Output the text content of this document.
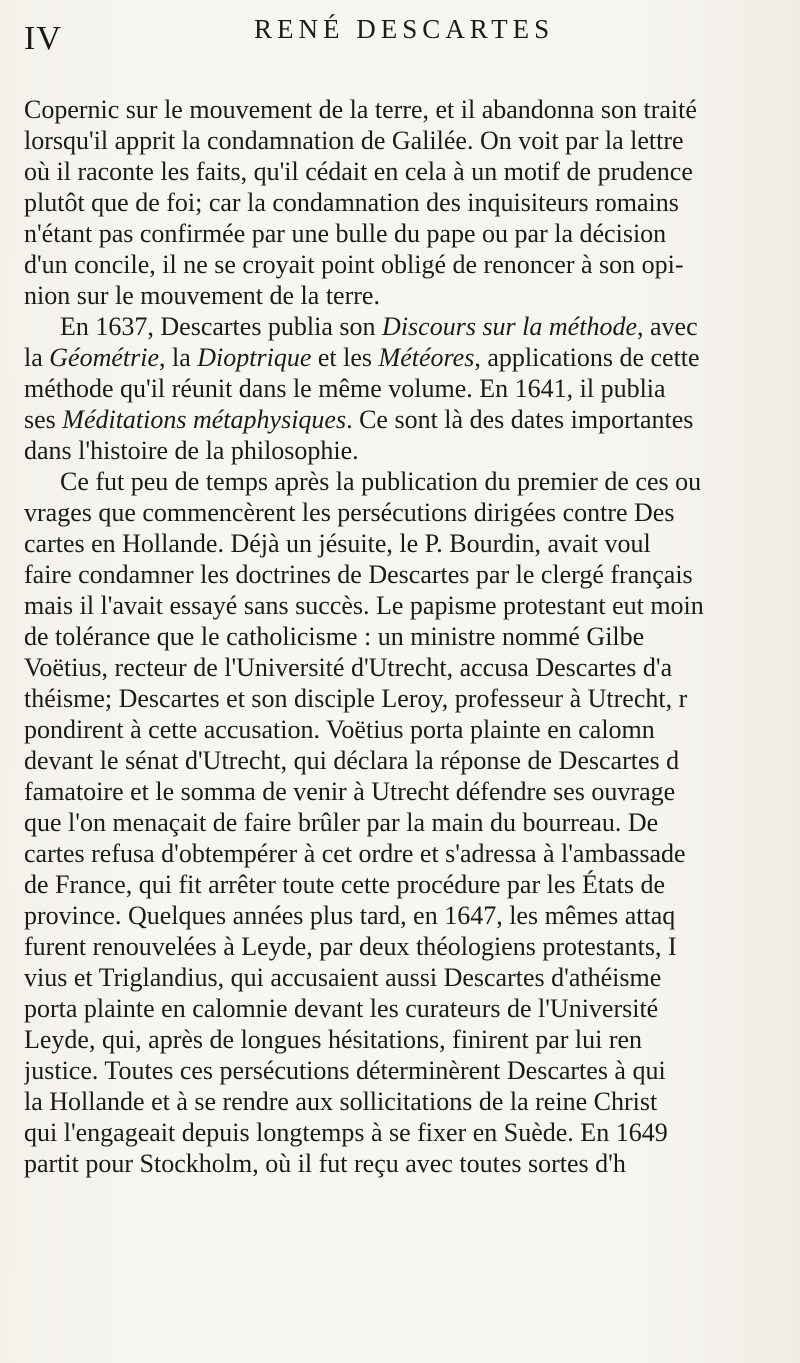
IV	RENÉ DESCARTES
Copernic sur le mouvement de la terre, et il abandonna son traité
lorsqu'il apprit la condamnation de Galilée. On voit par la lettre
où il raconte les faits, qu'il cédait en cela à un motif de prudence
plutôt que de foi; car la condamnation des inquisiteurs romains
n'étant pas confirmée par une bulle du pape ou par la décision
d'un concile, il ne se croyait point obligé de renoncer à son opi-
nion sur le mouvement de la terre.
En 1637, Descartes publia son Discours sur la méthode, avec
la Géométrie, la Dioptrique et les Météores, applications de cette
méthode qu'il réunit dans le même volume. En 1641, il publia
ses Méditations métaphysiques. Ce sont là des dates importantes
dans l'histoire de la philosophie.
Ce fut peu de temps après la publication du premier de ces ou
vrages que commencèrent les persécutions dirigées contre Des
cartes en Hollande. Déjà un jésuite, le P. Bourdin, avait voul
faire condamner les doctrines de Descartes par le clergé français
mais il l'avait essayé sans succès. Le papisme protestant eut moin
de tolérance que le catholicisme : un ministre nommé Gilbe
Voëtius, recteur de l'Université d'Utrecht, accusa Descartes d'a
théisme; Descartes et son disciple Leroy, professeur à Utrecht, r
pondirent à cette accusation. Voëtius porta plainte en calomn
devant le sénat d'Utrecht, qui déclara la réponse de Descartes d
famatoire et le somma de venir à Utrecht défendre ses ouvrage
que l'on menaçait de faire brûler par la main du bourreau. De
cartes refusa d'obtempérer à cet ordre et s'adressa à l'ambassade
de France, qui fit arrêter toute cette procédure par les États de
province. Quelques années plus tard, en 1647, les mêmes attaq
furent renouvelées à Leyde, par deux théologiens protestants, I
vius et Triglandius, qui accusaient aussi Descartes d'athéisme
porta plainte en calomnie devant les curateurs de l'Université
Leyde, qui, après de longues hésitations, finirent par lui ren
justice. Toutes ces persécutions déterminèrent Descartes à qui
la Hollande et à se rendre aux sollicitations de la reine Christ
qui l'engageait depuis longtemps à se fixer en Suède. En 1649
partit pour Stockholm, où il fut reçu avec toutes sortes d'h
